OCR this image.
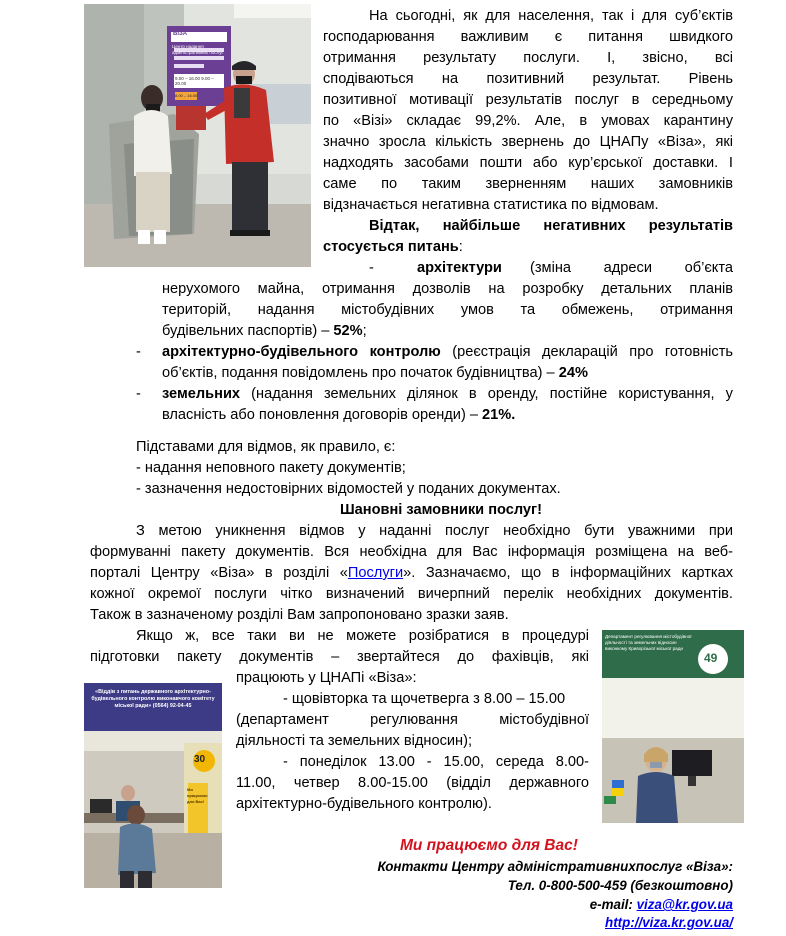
ВІЗА
Центр надання адміністративних послуг
9.00 – 16.00 9.00 – 20.00
8.00 – 16.00
На сьогодні, як для населення, так і для суб’єктів
господарювання важливим є питання швидкого
отримання результату послуги. І, звісно, всі
сподіваються на позитивний результат. Рівень
позитивної мотивації результатів послуг в середньому
по «Візі» складає 99,2%. Але, в умовах карантину
значно зросла кількість звернень до ЦНАПу «Віза», які
надходять засобами пошти або кур’єрської доставки. І
саме по таким зверненням наших замовників
відзначається негативна статистика по відмовам.
Відтак, найбільше негативних результатів
стосується питань:
-	архітектури (зміна адреси об’єкта
нерухомого майна, отримання дозволів на розробку детальних планів
територій, надання містобудівних умов та обмежень, отримання
будівельних паспортів) – 52%;
- архітектурно-будівельного контролю (реєстрація декларацій про готовність
об’єктів, подання повідомлень про початок будівництва) – 24%
- земельних (надання земельних ділянок в оренду, постійне користування, у
власність або поновлення договорів оренди) – 21%.
Підставами для відмов, як правило, є:
- надання неповного пакету документів;
- зазначення недостовірних відомостей у поданих документах.
Шановні замовники послуг!
З метою уникнення відмов у наданні послуг необхідно бути уважними при
формуванні пакету документів. Вся необхідна для Вас інформація розміщена на веб-
порталі Центру «Віза» в розділі «Послуги». Зазначаємо, що в інформаційних картках
кожної окремої послуги чітко визначений вичерпний перелік необхідних документів.
Також в зазначеному розділі Вам запропоновано зразки заяв.
Якщо ж, все таки ви не можете розібратися в процедурі
підготовки пакету документів – звертайтеся до фахівців, які
працюють у ЦНАПі «Віза»:
- щовівторка та щочетверга з 8.00 – 15.00
(департамент регулювання містобудівної
діяльності та земельних відносин);
- понеділок 13.00 - 15.00, середа 8.00-
11.00, четвер 8.00-15.00 (відділ державного
архітектурно-будівельного контролю).
«Віддів з питань державного архітектурно-будівельного контролю виконавчого комітету міської ради» (0564) 92-04-45
30
Ми працюємо для Вас!
Департамент регулювання містобудівної діяльності та земельних відносин виконкому Криворізької міської ради
49
Ми працюємо для Вас!
Контакти Центру адміністративнихпослуг «Віза»:
Тел. 0-800-500-459 (безкоштовно)
e-mail: viza@kr.gov.ua
http://viza.kr.gov.ua/
